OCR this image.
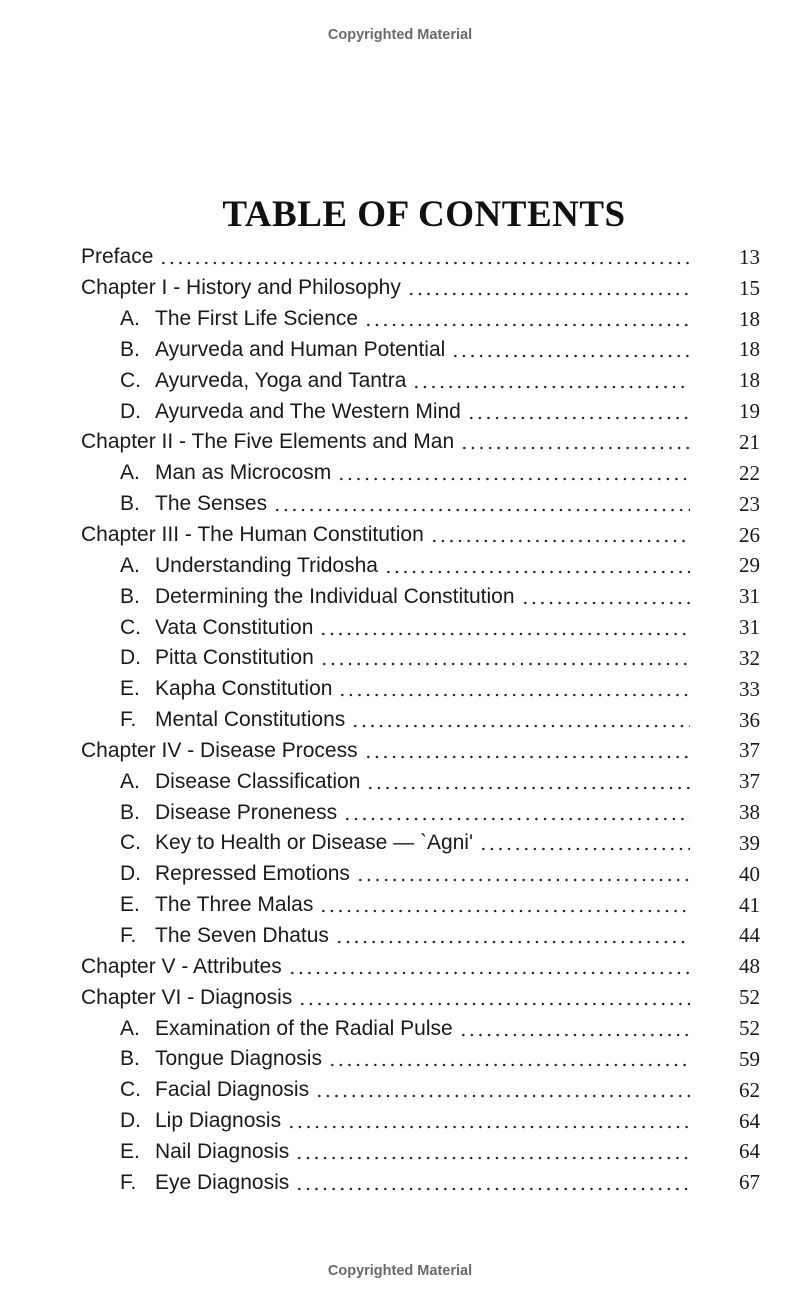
Copyrighted Material
TABLE OF CONTENTS
Preface	13
Chapter I - History and Philosophy	15
A. The First Life Science	18
B. Ayurveda and Human Potential	18
C. Ayurveda, Yoga and Tantra	18
D. Ayurveda and The Western Mind	19
Chapter II - The Five Elements and Man	21
A. Man as Microcosm	22
B. The Senses	23
Chapter III - The Human Constitution	26
A. Understanding Tridosha	29
B. Determining the Individual Constitution	31
C. Vata Constitution	31
D. Pitta Constitution	32
E. Kapha Constitution	33
F. Mental Constitutions	36
Chapter IV - Disease Process	37
A. Disease Classification	37
B. Disease Proneness	38
C. Key to Health or Disease — `Agni'	39
D. Repressed Emotions	40
E. The Three Malas	41
F. The Seven Dhatus	44
Chapter V - Attributes	48
Chapter VI - Diagnosis	52
A. Examination of the Radial Pulse	52
B. Tongue Diagnosis	59
C. Facial Diagnosis	62
D. Lip Diagnosis	64
E. Nail Diagnosis	64
F. Eye Diagnosis	67
Copyrighted Material
